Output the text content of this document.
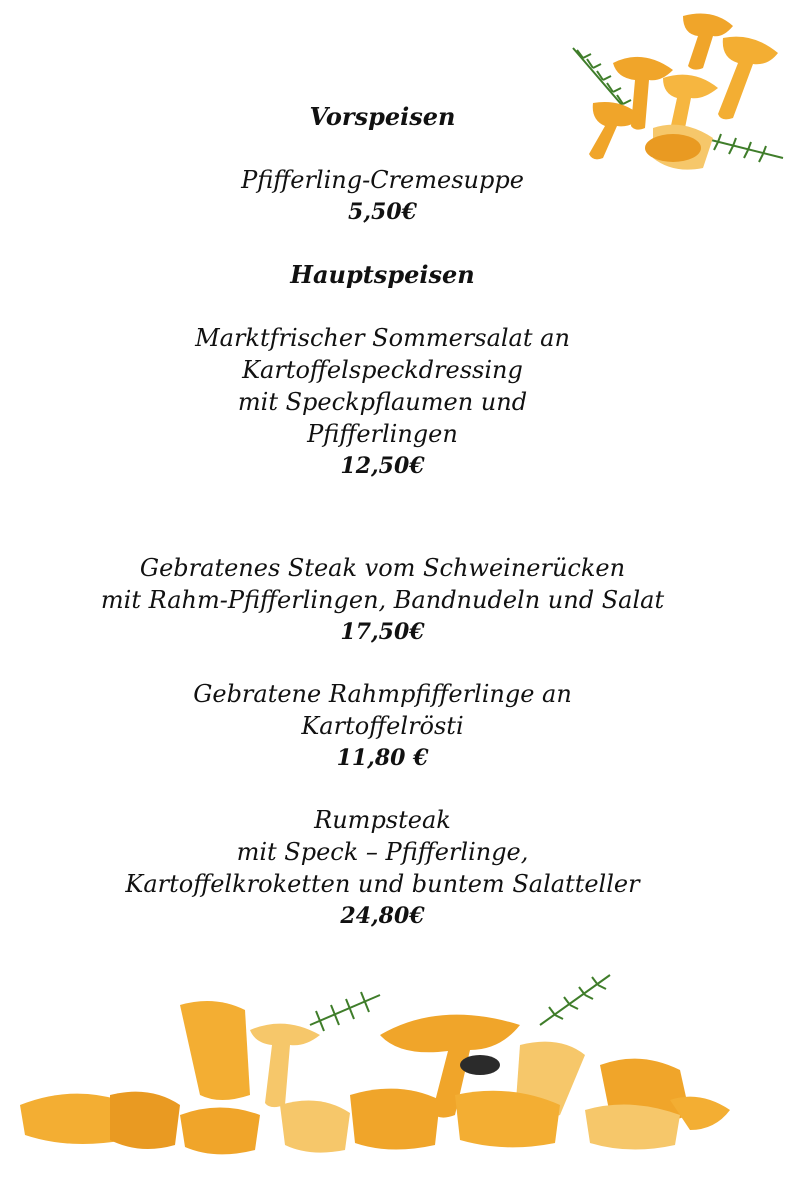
Vorspeisen
Pfifferling-Cremesuppe
5,50€
Hauptspeisen
Marktfrischer Sommersalat an
Kartoffelspeckdressing
mit Speckpflaumen und
Pfifferlingen
12,50€
Gebratenes Steak vom Schweinerücken
mit Rahm-Pfifferlingen, Bandnudeln und Salat
17,50€
Gebratene Rahmpfifferlinge an
Kartoffelrösti
11,80 €
Rumpsteak
mit Speck – Pfifferlinge,
Kartoffelkroketten und buntem Salatteller
24,80€
